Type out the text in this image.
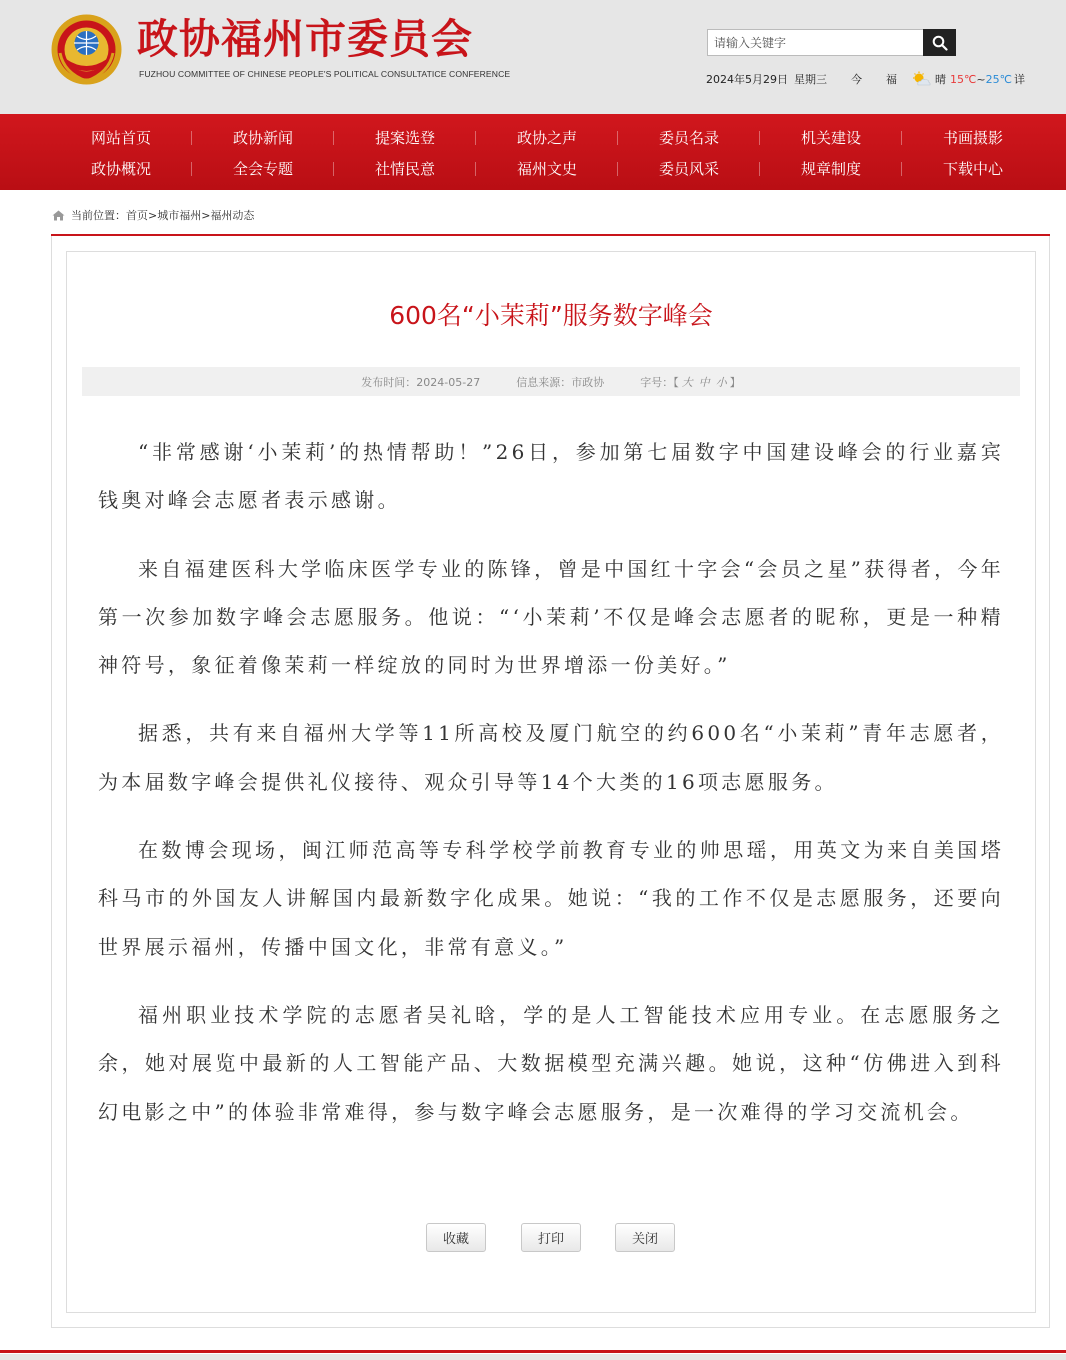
政协福州市委员会
FUZHOU COMMITTEE OF CHINESE PEOPLE'S POLITICAL CONSULTATICE CONFERENCE
请输入关键字	2024年5月29日 星期三 今 福	晴 15℃ ~ 25℃ 详
网站首页	政协新闻	提案选登	政协之声	委员名录	机关建设	书画摄影
政协概况	全会专题	社情民意	福州文史	委员风采	规章制度	下载中心
当前位置： 首页 > 城市福州 > 福州动态
600名“小茉莉”服务数字峰会
发布时间：2024-05-27	信息来源：市政协	字号：【 大 中 小 】

“非常感谢‘小茉莉’的热情帮助！”26日，参加第七届数字中国建设峰会的行业嘉宾钱奥对峰会志愿者表示感谢。

来自福建医科大学临床医学专业的陈锋，曾是中国红十字会“会员之星”获得者，今年第一次参加数字峰会志愿服务。他说：“‘小茉莉’不仅是峰会志愿者的昵称，更是一种精神符号，象征着像茉莉一样绽放的同时为世界增添一份美好。”

据悉，共有来自福州大学等11所高校及厦门航空的约600名“小茉莉”青年志愿者，为本届数字峰会提供礼仪接待、观众引导等14个大类的16项志愿服务。

在数博会现场，闽江师范高等专科学校学前教育专业的帅思瑶，用英文为来自美国塔科马市的外国友人讲解国内最新数字化成果。她说：“我的工作不仅是志愿服务，还要向世界展示福州，传播中国文化，非常有意义。”

福州职业技术学院的志愿者吴礼晗，学的是人工智能技术应用专业。在志愿服务之余，她对展览中最新的人工智能产品、大数据模型充满兴趣。她说，这种“仿佛进入到科幻电影之中”的体验非常难得，参与数字峰会志愿服务，是一次难得的学习交流机会。

收藏	打印	关闭
